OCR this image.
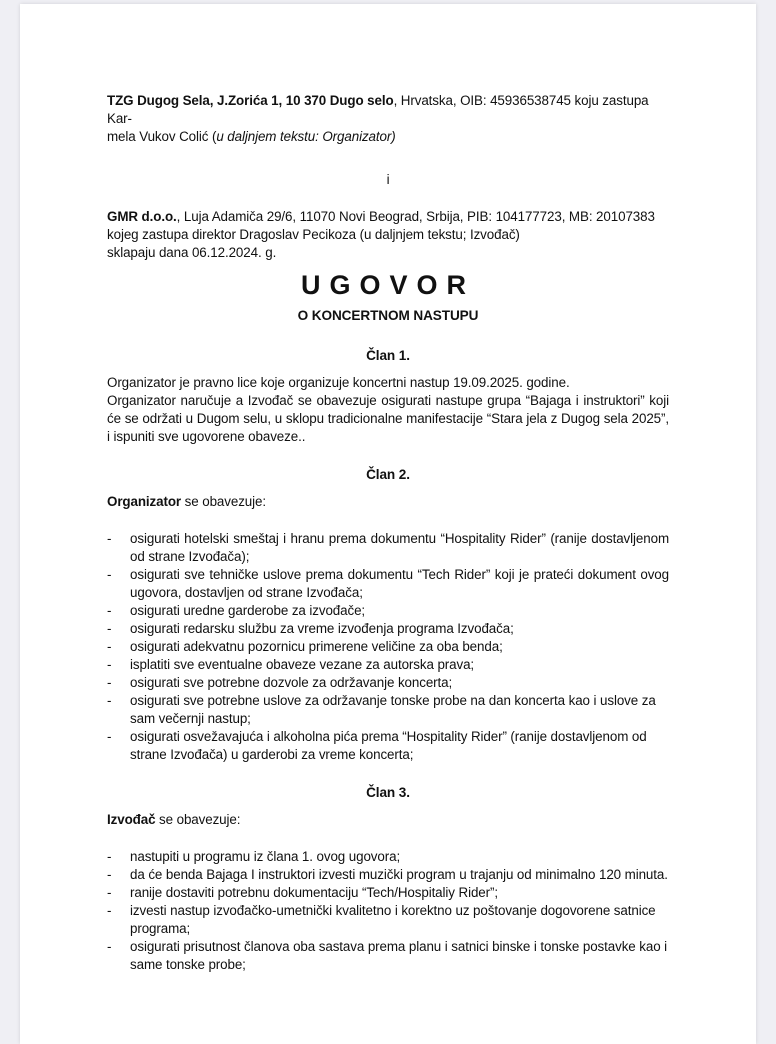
TZG Dugog Sela, J.Zorića 1, 10 370 Dugo selo, Hrvatska, OIB: 45936538745 koju zastupa Kar-
mela Vukov Colić (u daljnjem tekstu: Organizator)

i

GMR d.o.o., Luja Adamiča 29/6, 11070 Novi Beograd, Srbija, PIB: 104177723, MB: 20107383
kojeg zastupa direktor Dragoslav Pecikoza (u daljnjem tekstu; Izvođač)
sklapaju dana 06.12.2024. g.

UGOVOR
O KONCERTNOM NASTUPU
Član 1.

Organizator je pravno lice koje organizuje koncertni nastup 19.09.2025. godine.

Organizator naručuje a Izvođač se obavezuje osigurati nastupe grupa “Bajaga i instruktori” koji će se održati u Dugom selu, u sklopu tradicionalne manifestacije “Stara jela z Dugog sela 2025”, i ispuniti sve ugovorene obaveze..

Član 2.

Organizator se obavezuje:

- osigurati hotelski smeštaj i hranu prema dokumentu “Hospitality Rider” (ranije dostavljenom od strane Izvođača);
- osigurati sve tehničke uslove prema dokumentu “Tech Rider” koji je prateći dokument ovog ugovora, dostavljen od strane Izvođača;
- osigurati uredne garderobe za izvođače;
- osigurati redarsku službu za vreme izvođenja programa Izvođača;
- osigurati adekvatnu pozornicu primerene veličine za oba benda;
- isplatiti sve eventualne obaveze vezane za autorska prava;
- osigurati sve potrebne dozvole za održavanje koncerta;
- osigurati sve potrebne uslove za održavanje tonske probe na dan koncerta kao i uslove za sam večernji nastup;
- osigurati osvežavajuća i alkoholna pića prema “Hospitality Rider” (ranije dostavljenom od strane Izvođača) u garderobi za vreme koncerta;
Član 3.

Izvođač se obavezuje:

- nastupiti u programu iz člana 1. ovog ugovora;
- da će benda Bajaga I instruktori izvesti muzički program u trajanju od minimalno 120 minuta.
- ranije dostaviti potrebnu dokumentaciju “Tech/Hospitaliy Rider”;
- izvesti nastup izvođačko-umetnički kvalitetno i korektno uz poštovanje dogovorene satnice programa;
- osigurati prisutnost članova oba sastava prema planu i satnici binske i tonske postavke kao i same tonske probe;
